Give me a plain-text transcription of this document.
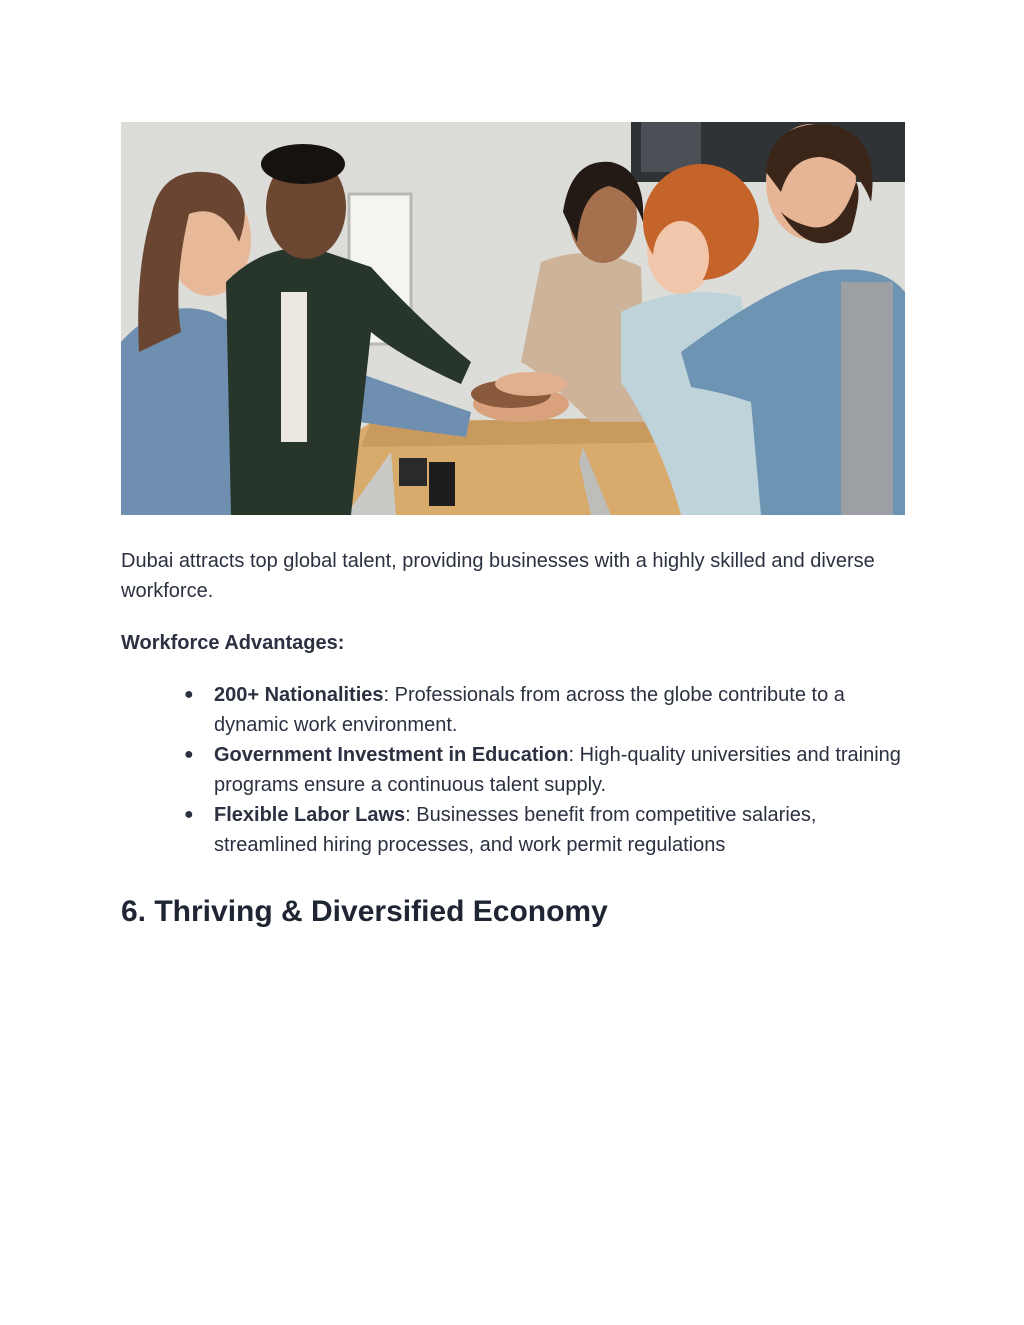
Dubai attracts top global talent, providing businesses with a highly skilled and diverse workforce.

Workforce Advantages:

● 200+ Nationalities: Professionals from across the globe contribute to a dynamic work environment.
● Government Investment in Education: High-quality universities and training programs ensure a continuous talent supply.
● Flexible Labor Laws: Businesses benefit from competitive salaries, streamlined hiring processes, and work permit regulations
6. Thriving & Diversified Economy
